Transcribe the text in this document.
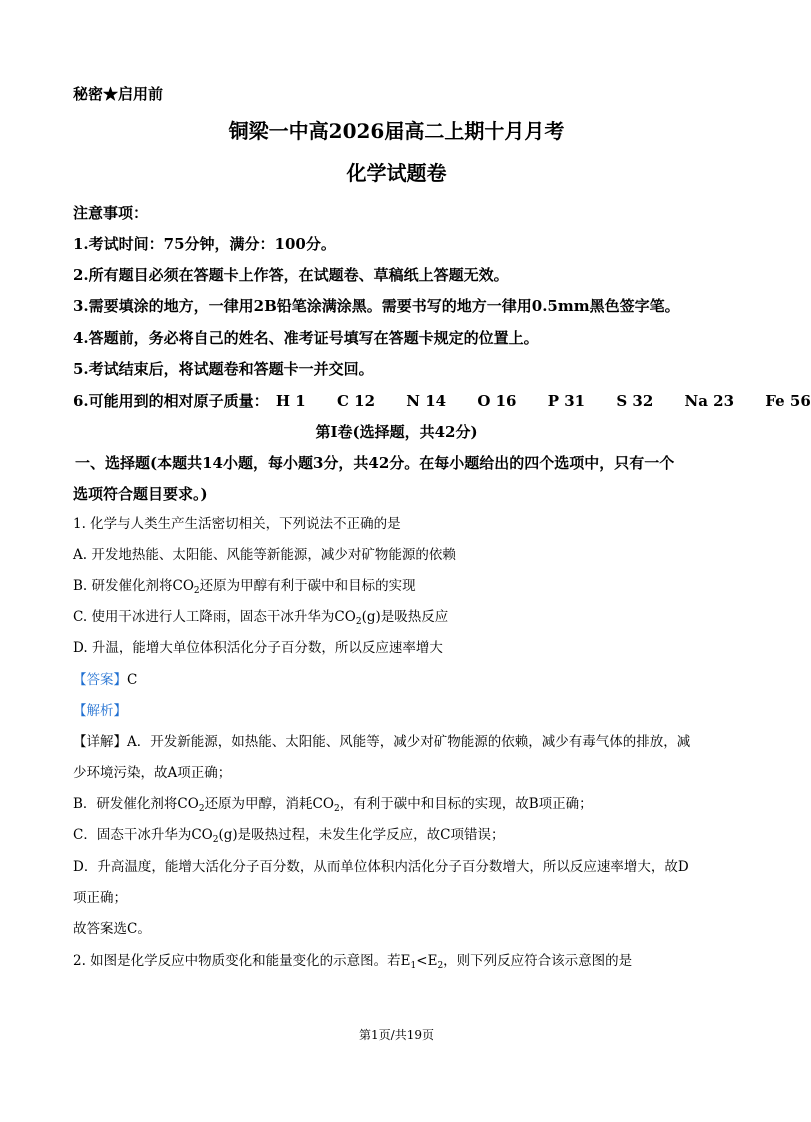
秘密★启用前
铜梁一中高2026届高二上期十月月考
化学试题卷
注意事项：
1.考试时间：75分钟，满分：100分。
2.所有题目必须在答题卡上作答，在试题卷、草稿纸上答题无效。
3.需要填涂的地方，一律用2B铅笔涂满涂黑。需要书写的地方一律用0.5mm黑色签字笔。
4.答题前，务必将自己的姓名、准考证号填写在答题卡规定的位置上。
5.考试结束后，将试题卷和答题卡一并交回。
6.可能用到的相对原子质量： H 1 C 12 N 14 O 16 P 31 S 32 Na 23 Fe 56
第I卷(选择题，共42分)
一、选择题(本题共14小题，每小题3分，共42分。在每小题给出的四个选项中，只有一个
选项符合题目要求。)
1. 化学与人类生产生活密切相关，下列说法不正确的是
A. 开发地热能、太阳能、风能等新能源，减少对矿物能源的依赖
B. 研发催化剂将$CO_2$还原为甲醇有利于碳中和目标的实现
C. 使用干冰进行人工降雨，固态干冰升华为$CO_2(g)$是吸热反应
D. 升温，能增大单位体积活化分子百分数，所以反应速率增大
【答案】C
【解析】
【详解】A．开发新能源，如热能、太阳能、风能等，减少对矿物能源的依赖，减少有毒气体的排放，减
少环境污染，故A项正确；
B．研发催化剂将$CO_2$还原为甲醇，消耗$CO_2$，有利于碳中和目标的实现，故B项正确；
C．固态干冰升华为$CO_2(g)$是吸热过程，未发生化学反应，故C项错误；
D．升高温度，能增大活化分子百分数，从而单位体积内活化分子百分数增大，所以反应速率增大，故D
项正确；
故答案选C。
2. 如图是化学反应中物质变化和能量变化的示意图。若$E_1<E_2$，则下列反应符合该示意图的是
第1页/共19页
